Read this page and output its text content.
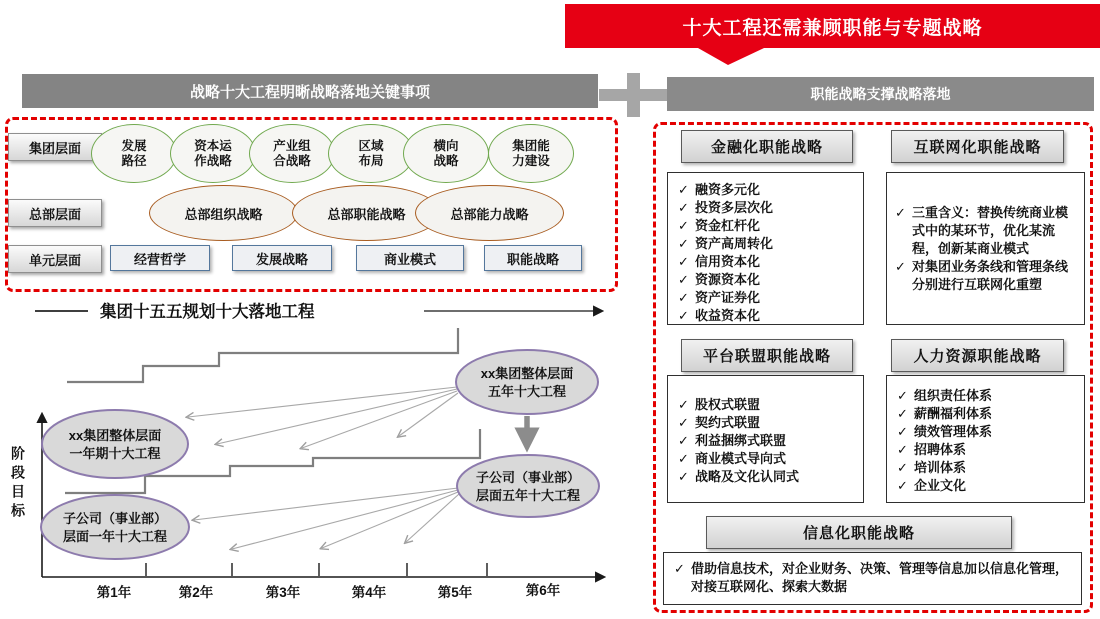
十大工程还需兼顾职能与专题战略
战略十大工程明晰战略落地关键事项	职能战略支撑战略落地
集团层面	发展
路径
资本运
作战略
产业组
合战略
区域
布局
横向
战略
集团能
力建设
总部层面	总部组织战略	总部职能战略	总部能力战略
单元层面	经营哲学	发展战略	商业模式	职能战略
阶段目标
集团十五五规划十大落地工程
第1年	第2年	第3年	第4年	第5年	第6年
xx集团整体层面
一年期十大工程
xx集团整体层面
五年十大工程
子公司（事业部）
层面一年十大工程
子公司（事业部）
层面五年十大工程
金融化职能战略	互联网化职能战略
平台联盟职能战略	人力资源职能战略
信息化职能战略
✓ 融资多元化
✓ 投资多层次化
✓ 资金杠杆化
✓ 资产高周转化
✓ 信用资本化
✓ 资源资本化
✓ 资产证券化
✓ 收益资本化
✓ 三重含义：替换传统商业模式中的某环节，优化某流程，创新某商业模式
✓ 对集团业务条线和管理条线分别进行互联网化重塑
✓ 股权式联盟
✓ 契约式联盟
✓ 利益捆绑式联盟
✓ 商业模式导向式
✓ 战略及文化认同式
✓ 组织责任体系
✓ 薪酬福利体系
✓ 绩效管理体系
✓ 招聘体系
✓ 培训体系
✓ 企业文化
✓ 借助信息技术，对企业财务、决策、管理等信息加以信息化管理，对接互联网化、探索大数据
